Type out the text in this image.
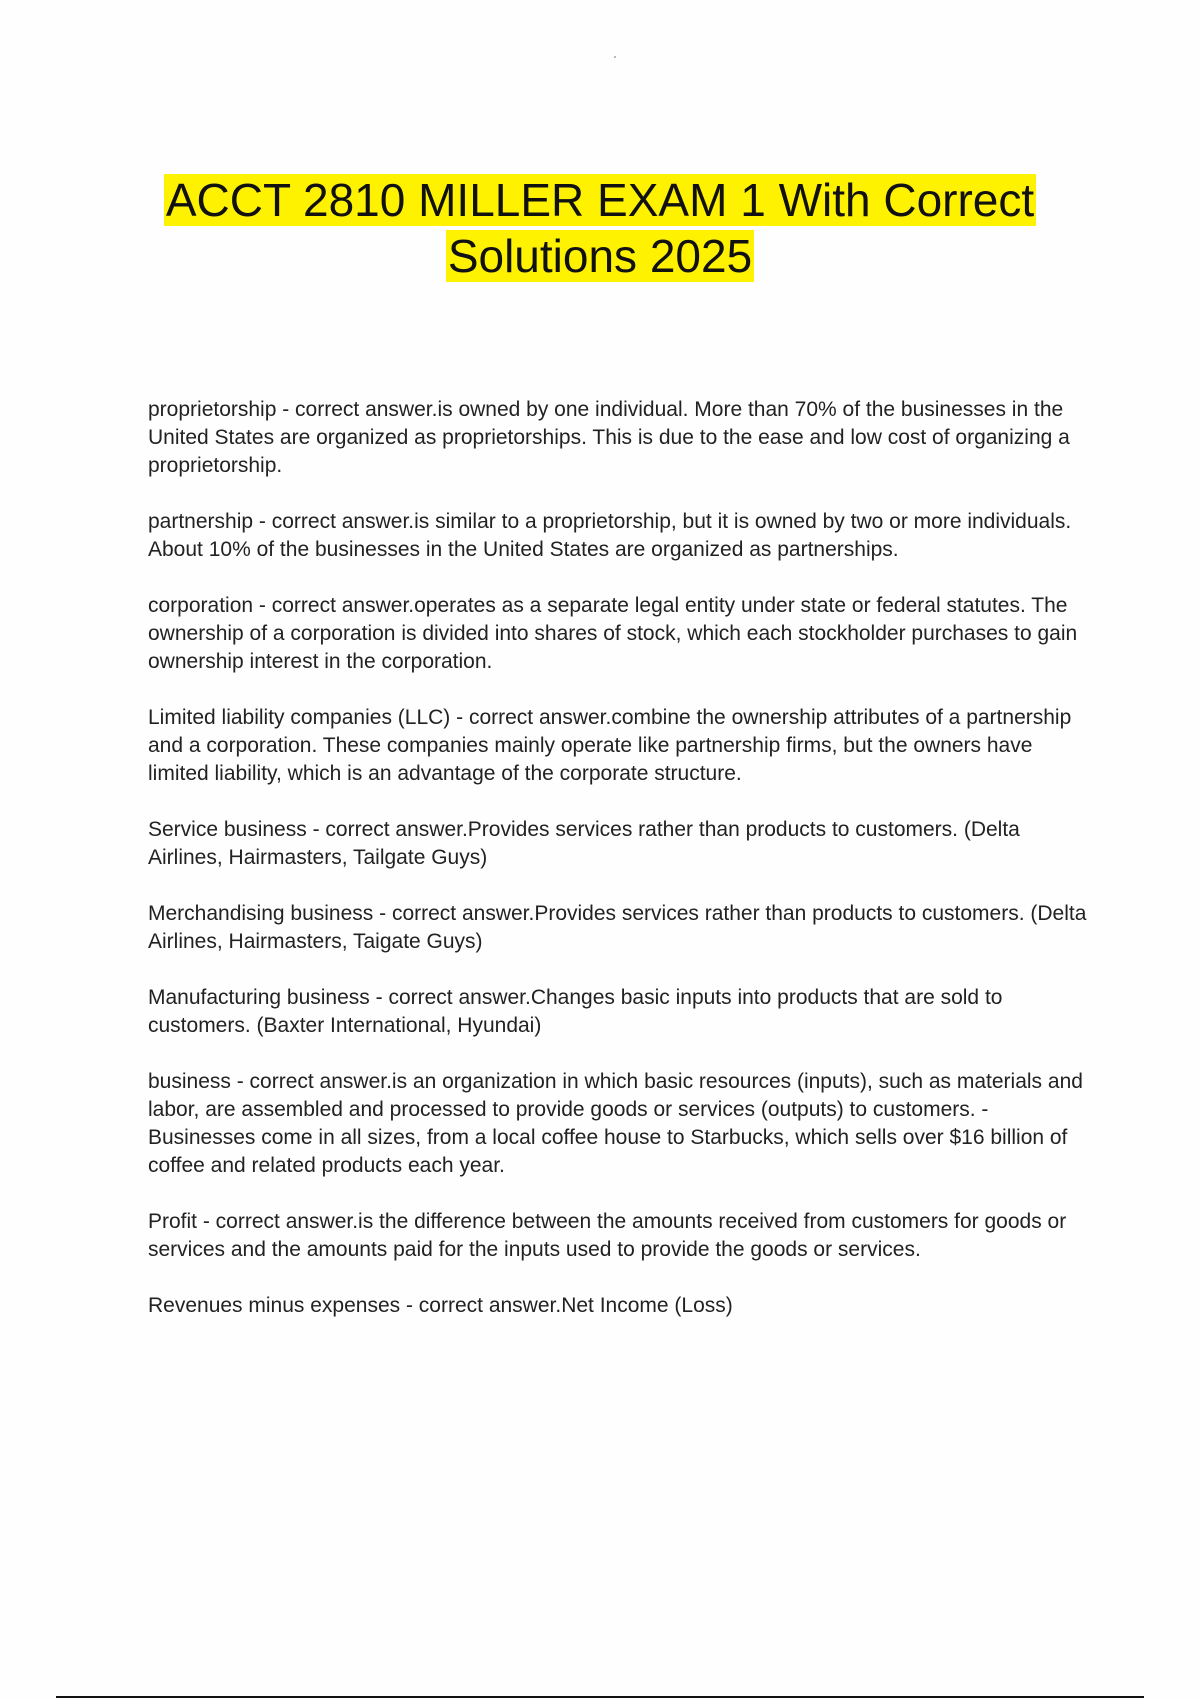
ACCT 2810 MILLER EXAM 1 With Correct
Solutions 2025

proprietorship - correct answer.is owned by one individual. More than 70% of the businesses in the United States are organized as proprietorships. This is due to the ease and low cost of organizing a proprietorship.

partnership - correct answer.is similar to a proprietorship, but it is owned by two or more individuals. About 10% of the businesses in the United States are organized as partnerships.

corporation - correct answer.operates as a separate legal entity under state or federal statutes. The ownership of a corporation is divided into shares of stock, which each stockholder purchases to gain ownership interest in the corporation.

Limited liability companies (LLC) - correct answer.combine the ownership attributes of a partnership and a corporation. These companies mainly operate like partnership firms, but the owners have limited liability, which is an advantage of the corporate structure.

Service business - correct answer.Provides services rather than products to customers. (Delta Airlines, Hairmasters, Tailgate Guys)

Merchandising business - correct answer.Provides services rather than products to customers. (Delta Airlines, Hairmasters, Taigate Guys)

Manufacturing business - correct answer.Changes basic inputs into products that are sold to customers. (Baxter International, Hyundai)

business - correct answer.is an organization in which basic resources (inputs), such as materials and labor, are assembled and processed to provide goods or services (outputs) to customers. -Businesses come in all sizes, from a local coffee house to Starbucks, which sells over $16 billion of coffee and related products each year.

Profit - correct answer.is the difference between the amounts received from customers for goods or services and the amounts paid for the inputs used to provide the goods or services.

Revenues minus expenses - correct answer.Net Income (Loss)
